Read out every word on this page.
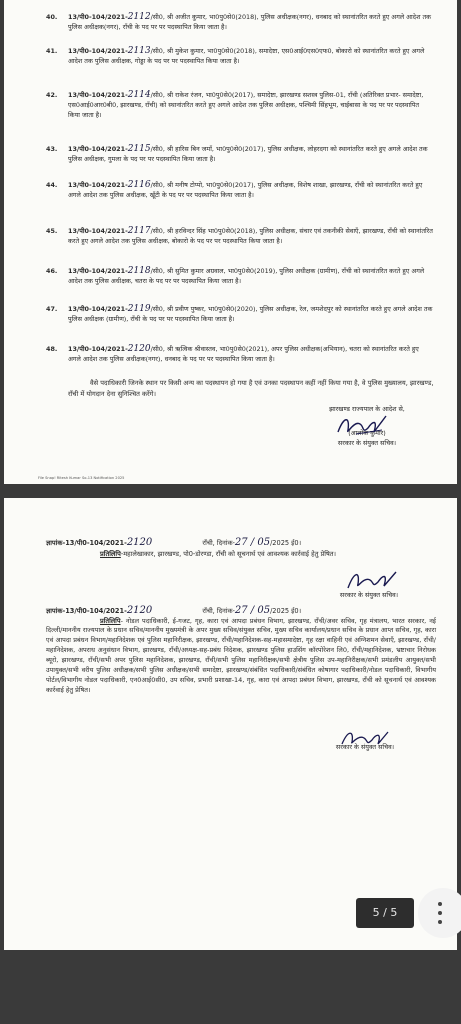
40. 13/पी0-104/2021-2112/सी0, श्री अजीत कुमार, भा0पु0से0(2018), पुलिस अधीक्षक(नगर), धनबाद को स्थानांतरित करते हुए अगले आदेश तक पुलिस अधीक्षक(नगर), राँची के पद पर पर पदस्थापित किया जाता है।
41. 13/पी0-104/2021-2113/सी0, श्री मुकेश कुमार, भा0पु0से0(2018), समादेष्टा, एस0आई0एस0एफ0, बोकारो को स्थानांतरित करते हुए अगले आदेश तक पुलिस अधीक्षक, गोड्डा के पद पर पर पदस्थापित किया जाता है।
42. 13/पी0-104/2021-2114/सी0, श्री राकेश रंजन, भा0पु0से0(2017), समादेष्टा, झारखण्ड सशस्त्र पुलिस-01, राँची (अतिरिक्त प्रभार- समादेष्टा, एस0आई0आर0बी0, झारखण्ड, राँची) को स्थानांतरित करते हुए अगले आदेश तक पुलिस अधीक्षक, पश्चिमी सिंहभूम, चाईबासा के पद पर पर पदस्थापित किया जाता है।
43. 13/पी0-104/2021-2115/सी0, श्री हारिस बिन जमाँ, भा0पु0से0(2017), पुलिस अधीक्षक, लोहरदगा को स्थानांतरित करते हुए अगले आदेश तक पुलिस अधीक्षक, गुमला के पद पर पर पदस्थापित किया जाता है।
44. 13/पी0-104/2021-2116/सी0, श्री मनीष टोप्पो, भा0पु0से0(2017), पुलिस अधीक्षक, विशेष शाखा, झारखण्ड, राँची को स्थानांतरित करते हुए अगले आदेश तक पुलिस अधीक्षक, खूँटी के पद पर पर पदस्थापित किया जाता है।
45. 13/पी0-104/2021-2117/सी0, श्री हरविन्दर सिंह भा0पु0से0(2018), पुलिस अधीक्षक, संचार एवं तकनीकी सेवाएँ, झारखण्ड, राँची को स्थानांतरित करते हुए अगले आदेश तक पुलिस अधीक्षक, बोकारो के पद पर पर पदस्थापित किया जाता है।
46. 13/पी0-104/2021-2118/सी0, श्री सुमित कुमार अग्रवाल, भा0पु0से0(2019), पुलिस अधीक्षक (ग्रामीण), राँची को स्थानांतरित करते हुए अगले आदेश तक पुलिस अधीक्षक, चतरा के पद पर पर पदस्थापित किया जाता है।
47. 13/पी0-104/2021-2119/सी0, श्री प्रवीण पुष्कर, भा0पु0से0(2020), पुलिस अधीक्षक, रेल, जमशेदपुर को स्थानांतरित करते हुए अगले आदेश तक पुलिस अधीक्षक (ग्रामीण), राँची के पद पर पर पदस्थापित किया जाता है।
48. 13/पी0-104/2021-2120/सी0, श्री ऋत्विक श्रीवास्तव, भा0पु0से0(2021), अपर पुलिस अधीक्षक(अभियान), चतरा को स्थानांतरित करते हुए अगले आदेश तक पुलिस अधीक्षक(नगर), धनबाद के पद पर पर पदस्थापित किया जाता है।
वैसे पदाधिकारी जिनके स्थान पर किसी अन्य का पदस्थापन हो गया है एवं उनका पदस्थापन कहीं नहीं किया गया है, वे पुलिस मुख्यालय, झारखण्ड, राँची में योगदान देना सुनिश्चित करेंगे।
झारखण्ड राज्यपाल के आदेश से,
(आलोक कुमार)
सरकार के संयुक्त सचिव।
File Snap! Ritesh Kumar So-13 Notification 2025
ज्ञापांक-13/पी0-104/2021-2120	राँची, दिनांक-27 / 05/2025 ई0।
प्रतिलिपि-महालेखाकार, झारखण्ड, पो0-डोरण्डा, राँची को सूचनार्थ एवं आवश्यक कार्रवाई हेतु प्रेषित।
सरकार के संयुक्त सचिव।
ज्ञापांक-13/पी0-104/2021-2120	राँची, दिनांक-27 / 05/2025 ई0।
प्रतिलिपि- नोडल पदाधिकारी, ई-गजट, गृह, कारा एवं आपदा प्रबंधन विभाग, झारखण्ड, राँची/अवर सचिव, गृह मंत्रालय, भारत सरकार, नई दिल्ली/माननीय राज्यपाल के प्रधान सचिव/माननीय मुख्यमंत्री के अपर मुख्य सचिव/संयुक्त सचिव, मुख्य सचिव कार्यालय/प्रधान सचिव के प्रधान आप्त सचिव, गृह, कारा एवं आपदा प्रबंधन विभाग/महानिदेशक एवं पुलिस महानिरीक्षक, झारखण्ड, राँची/महानिदेशक-सह-महासमादेष्टा, गृह रक्षा वाहिनी एवं अग्निशमन सेवाएँ, झारखण्ड, राँची/महानिदेशक, अपराध अनुसंधान विभाग, झारखण्ड, राँची/अध्यक्ष-सह-प्रबंध निदेशक, झारखण्ड पुलिस हाउसिंग कॉरपोरेशन लि0, राँची/महानिदेशक, भ्रष्टाचार निरोधक ब्यूरो, झारखण्ड, राँची/सभी अपर पुलिस महानिदेशक, झारखण्ड, राँची/सभी पुलिस महानिरीक्षक/सभी क्षेत्रीय पुलिस उप-महानिरीक्षक/सभी प्रमंडलीय आयुक्त/सभी उपायुक्त/सभी वरीय पुलिस अधीक्षक/सभी पुलिस अधीक्षक/सभी समादेष्टा, झारखण्ड/संबंधित पदाधिकारी/संबंधित कोषागार पदाधिकारी/नोडल पदाधिकारी, विभागीय पोर्टल/विभागीय नोडल पदाधिकारी, एन0आई0सी0, उप सचिव, प्रभारी प्रशाखा-14, गृह, कारा एवं आपदा प्रबंधन विभाग, झारखण्ड, राँची को सूचनार्थ एवं आवश्यक कार्रवाई हेतु प्रेषित।
सरकार के संयुक्त सचिव।
5 / 5
